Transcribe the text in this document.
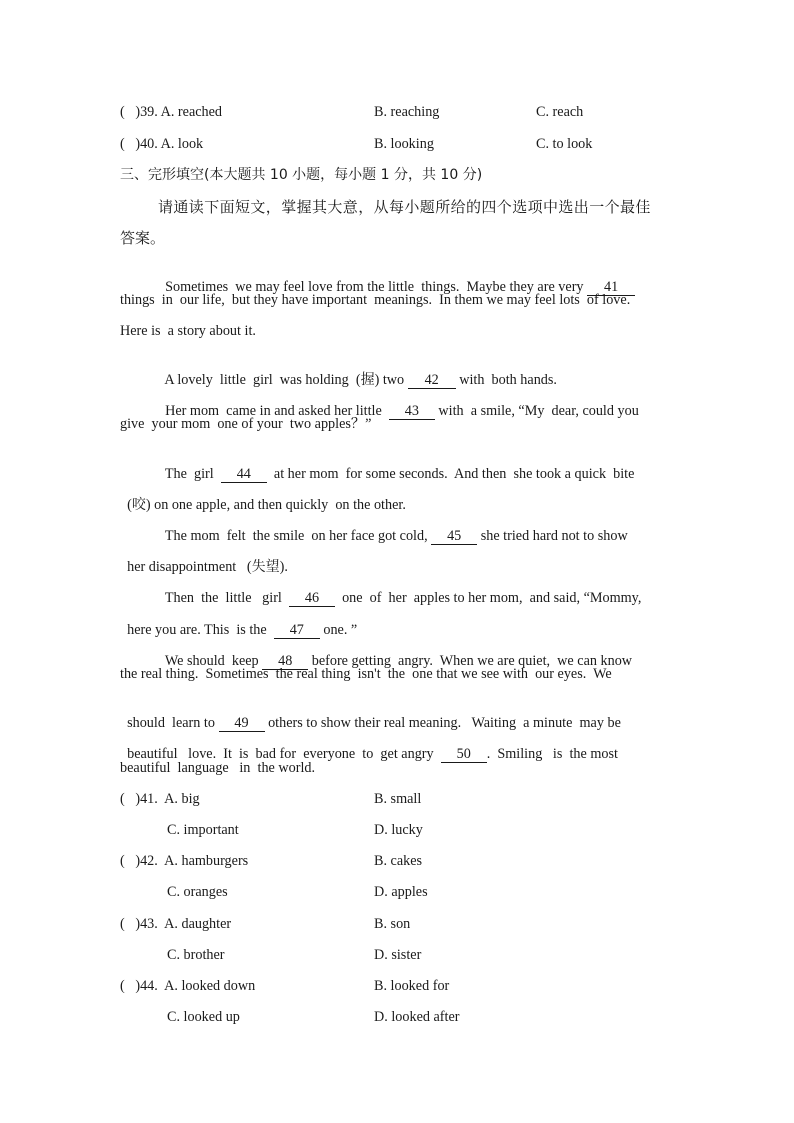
(   )39. A. reached	B. reaching	C. reach
(   )40. A. look	B. looking	C. to look
三、完形填空(本大题共 10 小题，每小题 1 分，共 10 分)
请通读下面短文，掌握其大意，从每小题所给的四个选项中选出一个最佳
答案。

Sometimes  we may feel love from the little  things.  Maybe they are very 41

things  in  our life,  but they have important  meanings.  In them we may feel lots  of love.
Here is  a story about it.

A lovely  little  girl  was holding  (握) two 42 with  both hands.

Her mom  came in and asked her little 43 with  a smile, “My  dear, could you

give  your mom  one of your  two apples？”

The  girl 44 at her mom  for some seconds.  And then  she took a quick  bite

(咬) on one apple, and then quickly  on the other.

The mom  felt  the smile  on her face got cold, 45 she tried hard not to show

her disappointment   (失望).

Then  the  little   girl 46 one  of  her  apples to her mom,  and said, “Mommy,

here you are. This  is the 47 one. ”

We should  keep 48 before getting  angry.  When we are quiet,  we can know

the real thing.  Sometimes  the real thing  isn't  the  one that we see with  our eyes.  We

should  learn to 49 others to show their real meaning.   Waiting  a minute  may be

beautiful   love.  It  is  bad for  everyone  to  get angry 50 .  Smiling   is  the most

beautiful  language   in  the world.
(   )41.  A. big	B. small
C. important	D. lucky
(   )42.  A. hamburgers	B. cakes
C. oranges	D. apples
(   )43.  A. daughter	B. son
C. brother	D. sister
(   )44.  A. looked down	B. looked for
C. looked up	D. looked after
